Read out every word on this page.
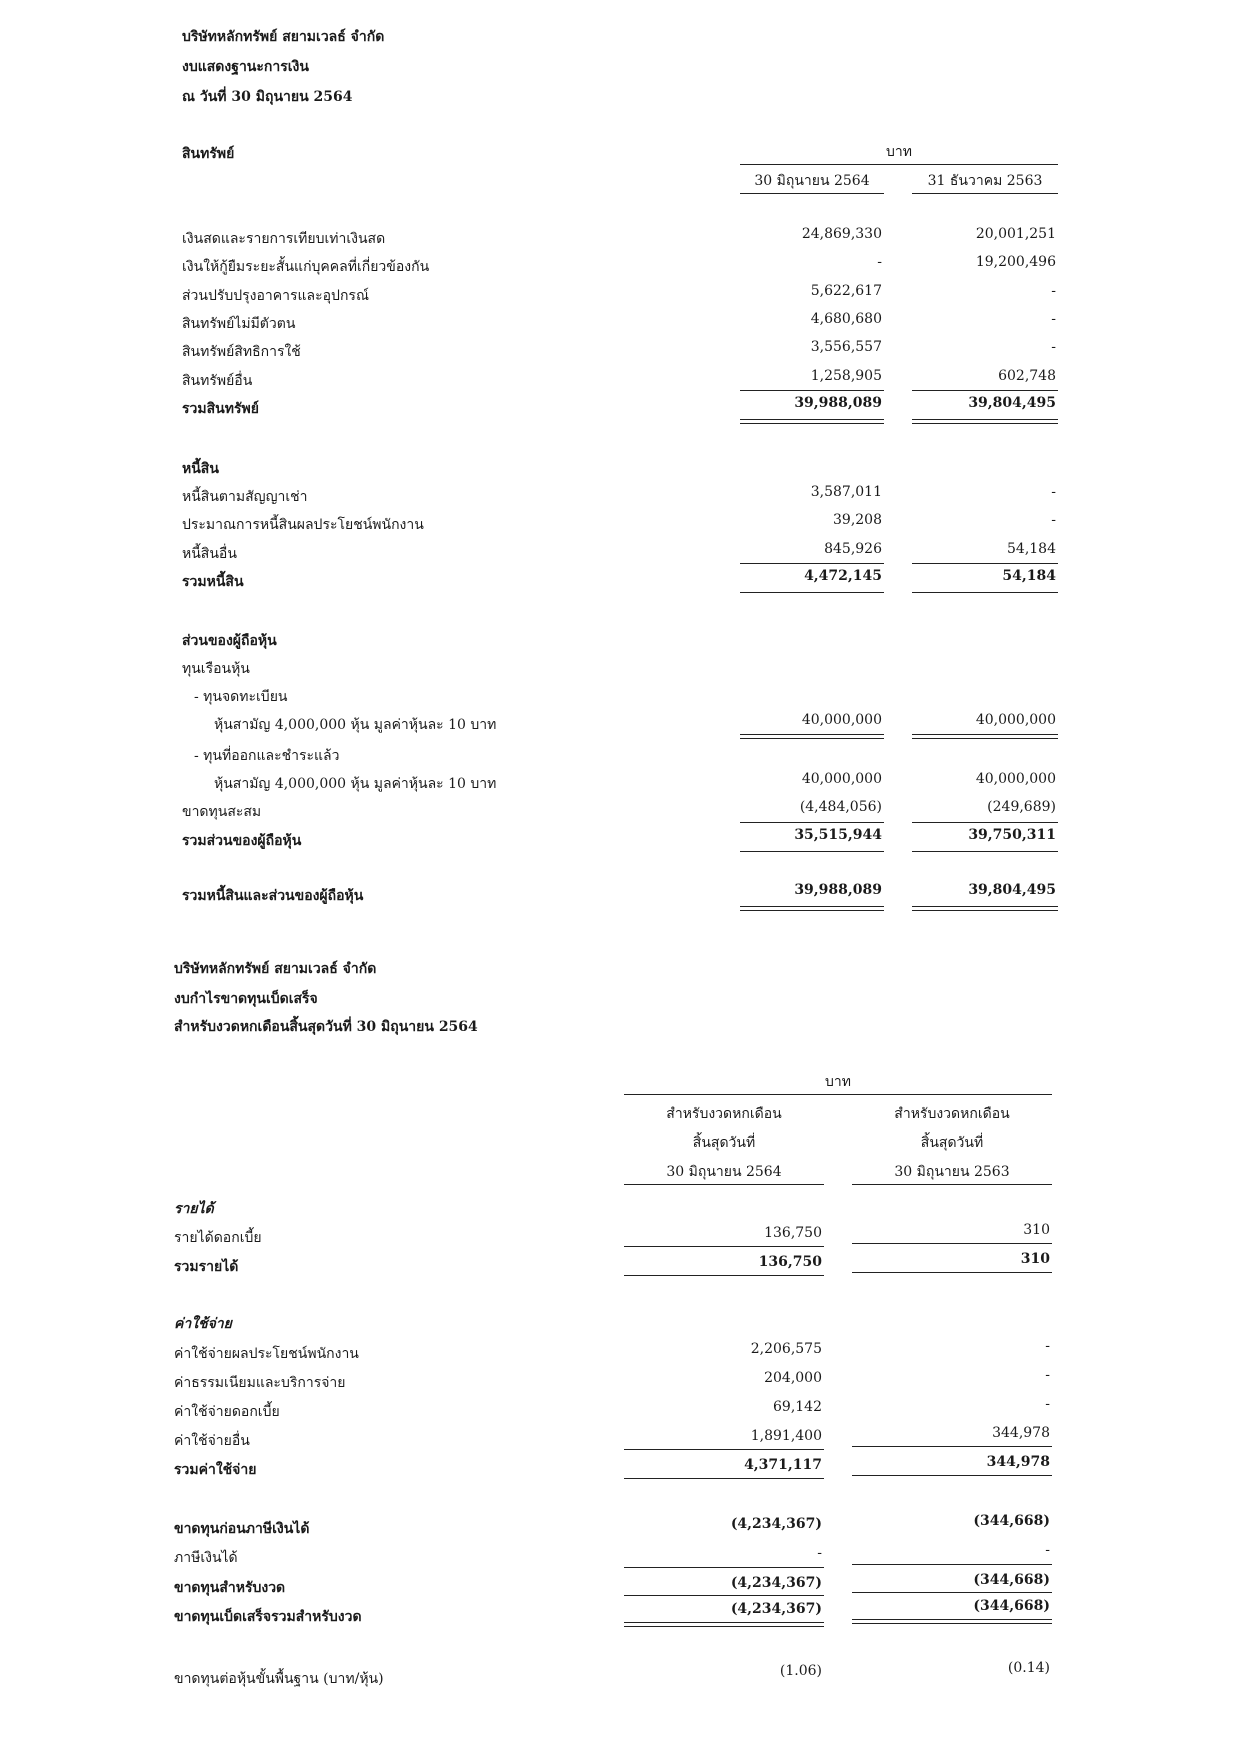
บริษัทหลักทรัพย์ สยามเวลธ์ จำกัด
งบแสดงฐานะการเงิน
ณ วันที่ 30 มิถุนายน 2564
สินทรัพย์	บาท
30 มิถุนายน 2564	31 ธันวาคม 2563
เงินสดและรายการเทียบเท่าเงินสด	24,869,330	20,001,251
เงินให้กู้ยืมระยะสั้นแก่บุคคลที่เกี่ยวข้องกัน	-	19,200,496
ส่วนปรับปรุงอาคารและอุปกรณ์	5,622,617	-
สินทรัพย์ไม่มีตัวตน	4,680,680	-
สินทรัพย์สิทธิการใช้	3,556,557	-
สินทรัพย์อื่น	1,258,905	602,748
รวมสินทรัพย์	39,988,089	39,804,495
หนี้สิน
หนี้สินตามสัญญาเช่า	3,587,011	-
ประมาณการหนี้สินผลประโยชน์พนักงาน	39,208	-
หนี้สินอื่น	845,926	54,184
รวมหนี้สิน	4,472,145	54,184
ส่วนของผู้ถือหุ้น
ทุนเรือนหุ้น
- ทุนจดทะเบียน
หุ้นสามัญ 4,000,000 หุ้น มูลค่าหุ้นละ 10 บาท	40,000,000	40,000,000
- ทุนที่ออกและชำระแล้ว
หุ้นสามัญ 4,000,000 หุ้น มูลค่าหุ้นละ 10 บาท	40,000,000	40,000,000
ขาดทุนสะสม	(4,484,056)	(249,689)
รวมส่วนของผู้ถือหุ้น	35,515,944	39,750,311
รวมหนี้สินและส่วนของผู้ถือหุ้น	39,988,089	39,804,495
บริษัทหลักทรัพย์ สยามเวลธ์ จำกัด
งบกำไรขาดทุนเบ็ดเสร็จ
สำหรับงวดหกเดือนสิ้นสุดวันที่ 30 มิถุนายน 2564
บาท
สำหรับงวดหกเดือน
สิ้นสุดวันที่
30 มิถุนายน 2564
สำหรับงวดหกเดือน
สิ้นสุดวันที่
30 มิถุนายน 2563
รายได้
รายได้ดอกเบี้ย	136,750	310
รวมรายได้	136,750	310
ค่าใช้จ่าย
ค่าใช้จ่ายผลประโยชน์พนักงาน	2,206,575	-
ค่าธรรมเนียมและบริการจ่าย	204,000	-
ค่าใช้จ่ายดอกเบี้ย	69,142	-
ค่าใช้จ่ายอื่น	1,891,400	344,978
รวมค่าใช้จ่าย	4,371,117	344,978
ขาดทุนก่อนภาษีเงินได้	(4,234,367)	(344,668)
ภาษีเงินได้	-	-
ขาดทุนสำหรับงวด	(4,234,367)	(344,668)
ขาดทุนเบ็ดเสร็จรวมสำหรับงวด	(4,234,367)	(344,668)
ขาดทุนต่อหุ้นขั้นพื้นฐาน (บาท/หุ้น)	(1.06)	(0.14)
